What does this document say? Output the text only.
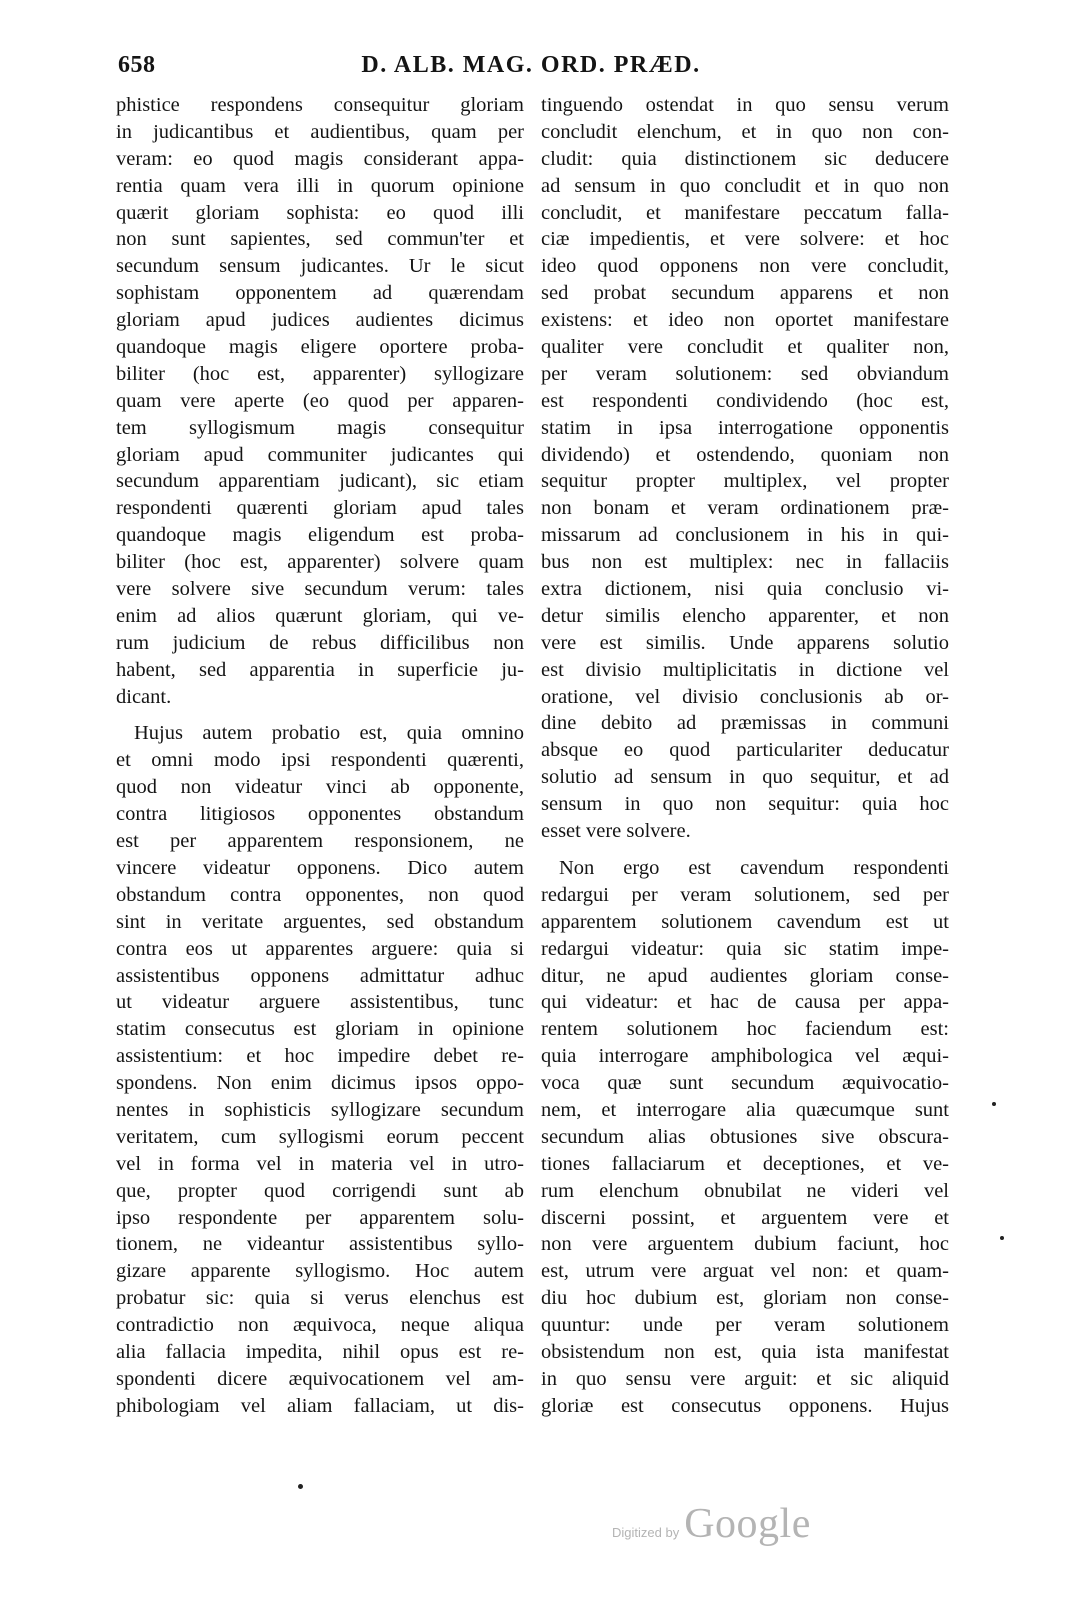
658	D. ALB. MAG. ORD. PRÆD.
phistice respondens consequitur gloriam
in judicantibus et audientibus, quam per
veram: eo quod magis considerant appa-
rentia quam vera illi in quorum opinione
quærit gloriam sophista: eo quod illi
non sunt sapientes, sed commun'ter et
secundum sensum judicantes. Ur le sicut
sophistam opponentem ad quærendam
gloriam apud judices audientes dicimus
quandoque magis eligere oportere proba-
biliter (hoc est, apparenter) syllogizare
quam vere aperte (eo quod per apparen-
tem syllogismum magis consequitur
gloriam apud communiter judicantes qui
secundum apparentiam judicant), sic etiam
respondenti quærenti gloriam apud tales
quandoque magis eligendum est proba-
biliter (hoc est, apparenter) solvere quam
vere solvere sive secundum verum: tales
enim ad alios quærunt gloriam, qui ve-
rum judicium de rebus difficilibus non
habent, sed apparentia in superficie ju-
dicant.
Hujus autem probatio est, quia omnino
et omni modo ipsi respondenti quærenti,
quod non videatur vinci ab opponente,
contra litigiosos opponentes obstandum
est per apparentem responsionem, ne
vincere videatur opponens. Dico autem
obstandum contra opponentes, non quod
sint in veritate arguentes, sed obstandum
contra eos ut apparentes arguere: quia si
assistentibus opponens admittatur adhuc
ut videatur arguere assistentibus, tunc
statim consecutus est gloriam in opinione
assistentium: et hoc impedire debet re-
spondens. Non enim dicimus ipsos oppo-
nentes in sophisticis syllogizare secundum
veritatem, cum syllogismi eorum peccent
vel in forma vel in materia vel in utro-
que, propter quod corrigendi sunt ab
ipso respondente per apparentem solu-
tionem, ne videantur assistentibus syllo-
gizare apparente syllogismo. Hoc autem
probatur sic: quia si verus elenchus est
contradictio non æquivoca, neque aliqua
alia fallacia impedita, nihil opus est re-
spondenti dicere æquivocationem vel am-
phibologiam vel aliam fallaciam, ut dis-
tinguendo ostendat in quo sensu verum
concludit elenchum, et in quo non con-
cludit: quia distinctionem sic deducere
ad sensum in quo concludit et in quo non
concludit, et manifestare peccatum falla-
ciæ impedientis, et vere solvere: et hoc
ideo quod opponens non vere concludit,
sed probat secundum apparens et non
existens: et ideo non oportet manifestare
qualiter vere concludit et qualiter non,
per veram solutionem: sed obviandum
est respondenti condividendo (hoc est,
statim in ipsa interrogatione opponentis
dividendo) et ostendendo, quoniam non
sequitur propter multiplex, vel propter
non bonam et veram ordinationem præ-
missarum ad conclusionem in his in qui-
bus non est multiplex: nec in fallaciis
extra dictionem, nisi quia conclusio vi-
detur similis elencho apparenter, et non
vere est similis. Unde apparens solutio
est divisio multiplicitatis in dictione vel
oratione, vel divisio conclusionis ab or-
dine debito ad præmissas in communi
absque eo quod particulariter deducatur
solutio ad sensum in quo sequitur, et ad
sensum in quo non sequitur: quia hoc
esset vere solvere.
Non ergo est cavendum respondenti
redargui per veram solutionem, sed per
apparentem solutionem cavendum est ut
redargui videatur: quia sic statim impe-
ditur, ne apud audientes gloriam conse-
qui videatur: et hac de causa per appa-
rentem solutionem hoc faciendum est:
quia interrogare amphibologica vel æqui-
voca quæ sunt secundum æquivocatio-
nem, et interrogare alia quæcumque sunt
secundum alias obtusiones sive obscura-
tiones fallaciarum et deceptiones, et ve-
rum elenchum obnubilat ne videri vel
discerni possint, et arguentem vere et
non vere arguentem dubium faciunt, hoc
est, utrum vere arguat vel non: et quam-
diu hoc dubium est, gloriam non conse-
quuntur: unde per veram solutionem
obsistendum non est, quia ista manifestat
in quo sensu vere arguit: et sic aliquid
gloriæ est consecutus opponens. Hujus
Digitized by Google
